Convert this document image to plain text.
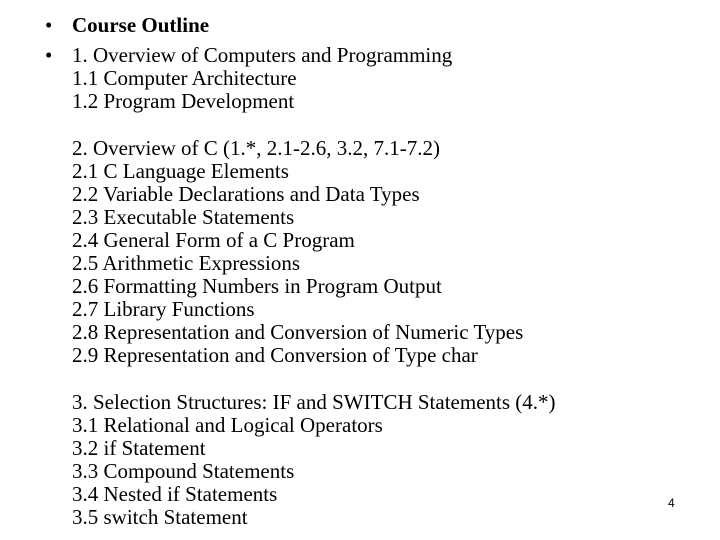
• Course Outline
• 1. Overview of Computers and Programming
1.1 Computer Architecture
1.2 Program Development
2. Overview of C (1.*, 2.1-2.6, 3.2, 7.1-7.2)
2.1 C Language Elements
2.2 Variable Declarations and Data Types
2.3 Executable Statements
2.4 General Form of a C Program
2.5 Arithmetic Expressions
2.6 Formatting Numbers in Program Output
2.7 Library Functions
2.8 Representation and Conversion of Numeric Types
2.9 Representation and Conversion of Type char
3. Selection Structures: IF and SWITCH Statements (4.*)
3.1 Relational and Logical Operators
3.2 if Statement
3.3 Compound Statements
3.4 Nested if Statements
3.5 switch Statement
4
